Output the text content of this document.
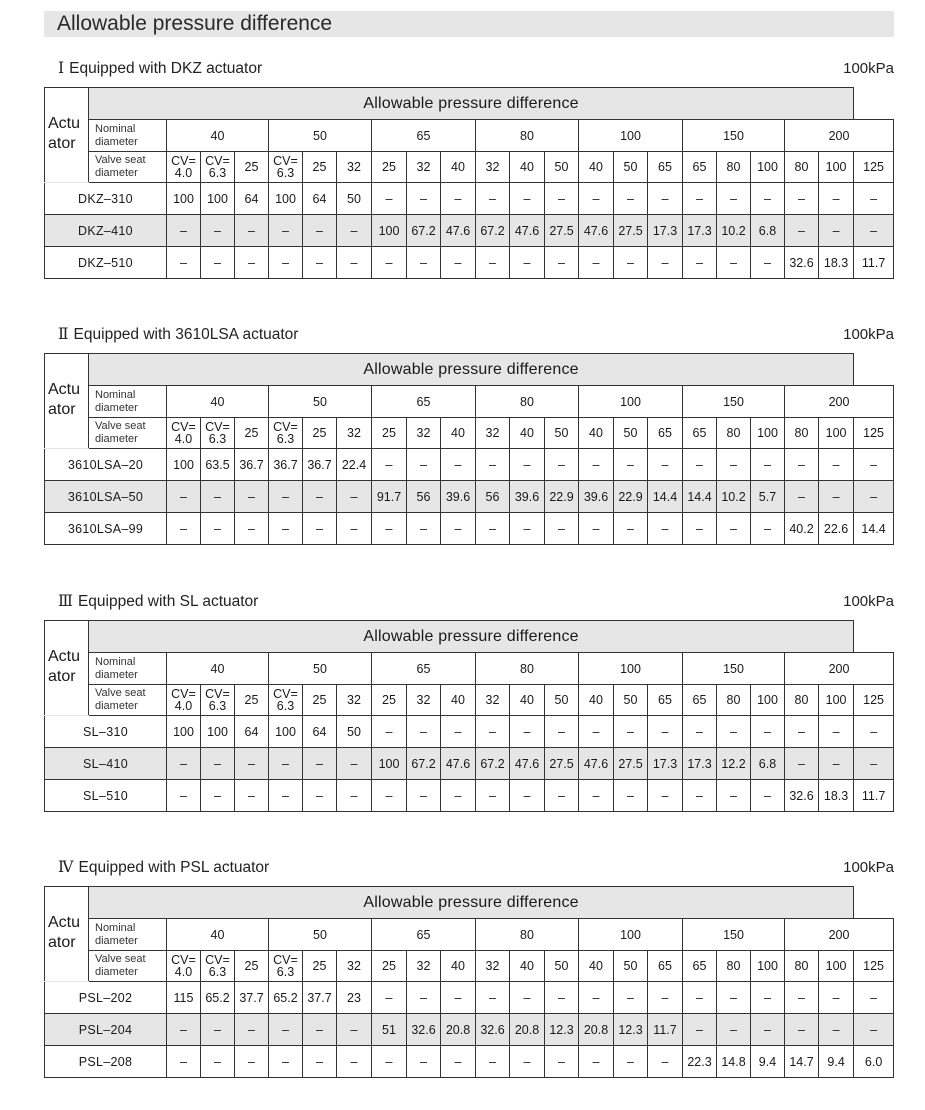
Allowable pressure difference
Ⅰ Equipped with DKZ actuator	100kPa
Actu ator	Allowable pressure difference																					
	Nominal diameter	40			50			65			80			100			150			200		
	Valve seat diameter	CV= 4.0	CV= 6.3	25	CV= 6.3	25	32	25	32	40	32	40	50	40	50	65	65	80	100	80	100	125
DKZ–310		100	100	64	100	64	50	–	–	–	–	–	–	–	–	–	–	–	–	–	–	–
DKZ–410		–	–	–	–	–	–	100	67.2	47.6	67.2	47.6	27.5	47.6	27.5	17.3	17.3	10.2	6.8	–	–	–
DKZ–510		–	–	–	–	–	–	–	–	–	–	–	–	–	–	–	–	–	–	32.6	18.3	11.7
Ⅱ Equipped with 3610LSA actuator	100kPa
Actu ator	Allowable pressure difference																					
	Nominal diameter	40			50			65			80			100			150			200		
	Valve seat diameter	CV= 4.0	CV= 6.3	25	CV= 6.3	25	32	25	32	40	32	40	50	40	50	65	65	80	100	80	100	125
3610LSA–20		100	63.5	36.7	36.7	36.7	22.4	–	–	–	–	–	–	–	–	–	–	–	–	–	–	–
3610LSA–50		–	–	–	–	–	–	91.7	56	39.6	56	39.6	22.9	39.6	22.9	14.4	14.4	10.2	5.7	–	–	–
3610LSA–99		–	–	–	–	–	–	–	–	–	–	–	–	–	–	–	–	–	–	40.2	22.6	14.4
Ⅲ Equipped with SL actuator	100kPa
Actu ator	Allowable pressure difference																					
	Nominal diameter	40			50			65			80			100			150			200		
	Valve seat diameter	CV= 4.0	CV= 6.3	25	CV= 6.3	25	32	25	32	40	32	40	50	40	50	65	65	80	100	80	100	125
SL–310		100	100	64	100	64	50	–	–	–	–	–	–	–	–	–	–	–	–	–	–	–
SL–410		–	–	–	–	–	–	100	67.2	47.6	67.2	47.6	27.5	47.6	27.5	17.3	17.3	12.2	6.8	–	–	–
SL–510		–	–	–	–	–	–	–	–	–	–	–	–	–	–	–	–	–	–	32.6	18.3	11.7
Ⅳ Equipped with PSL actuator	100kPa
Actu ator	Allowable pressure difference																					
	Nominal diameter	40			50			65			80			100			150			200		
	Valve seat diameter	CV= 4.0	CV= 6.3	25	CV= 6.3	25	32	25	32	40	32	40	50	40	50	65	65	80	100	80	100	125
PSL–202		115	65.2	37.7	65.2	37.7	23	–	–	–	–	–	–	–	–	–	–	–	–	–	–	–
PSL–204		–	–	–	–	–	–	51	32.6	20.8	32.6	20.8	12.3	20.8	12.3	11.7	–	–	–	–	–	–
PSL–208		–	–	–	–	–	–	–	–	–	–	–	–	–	–	–	22.3	14.8	9.4	14.7	9.4	6.0
